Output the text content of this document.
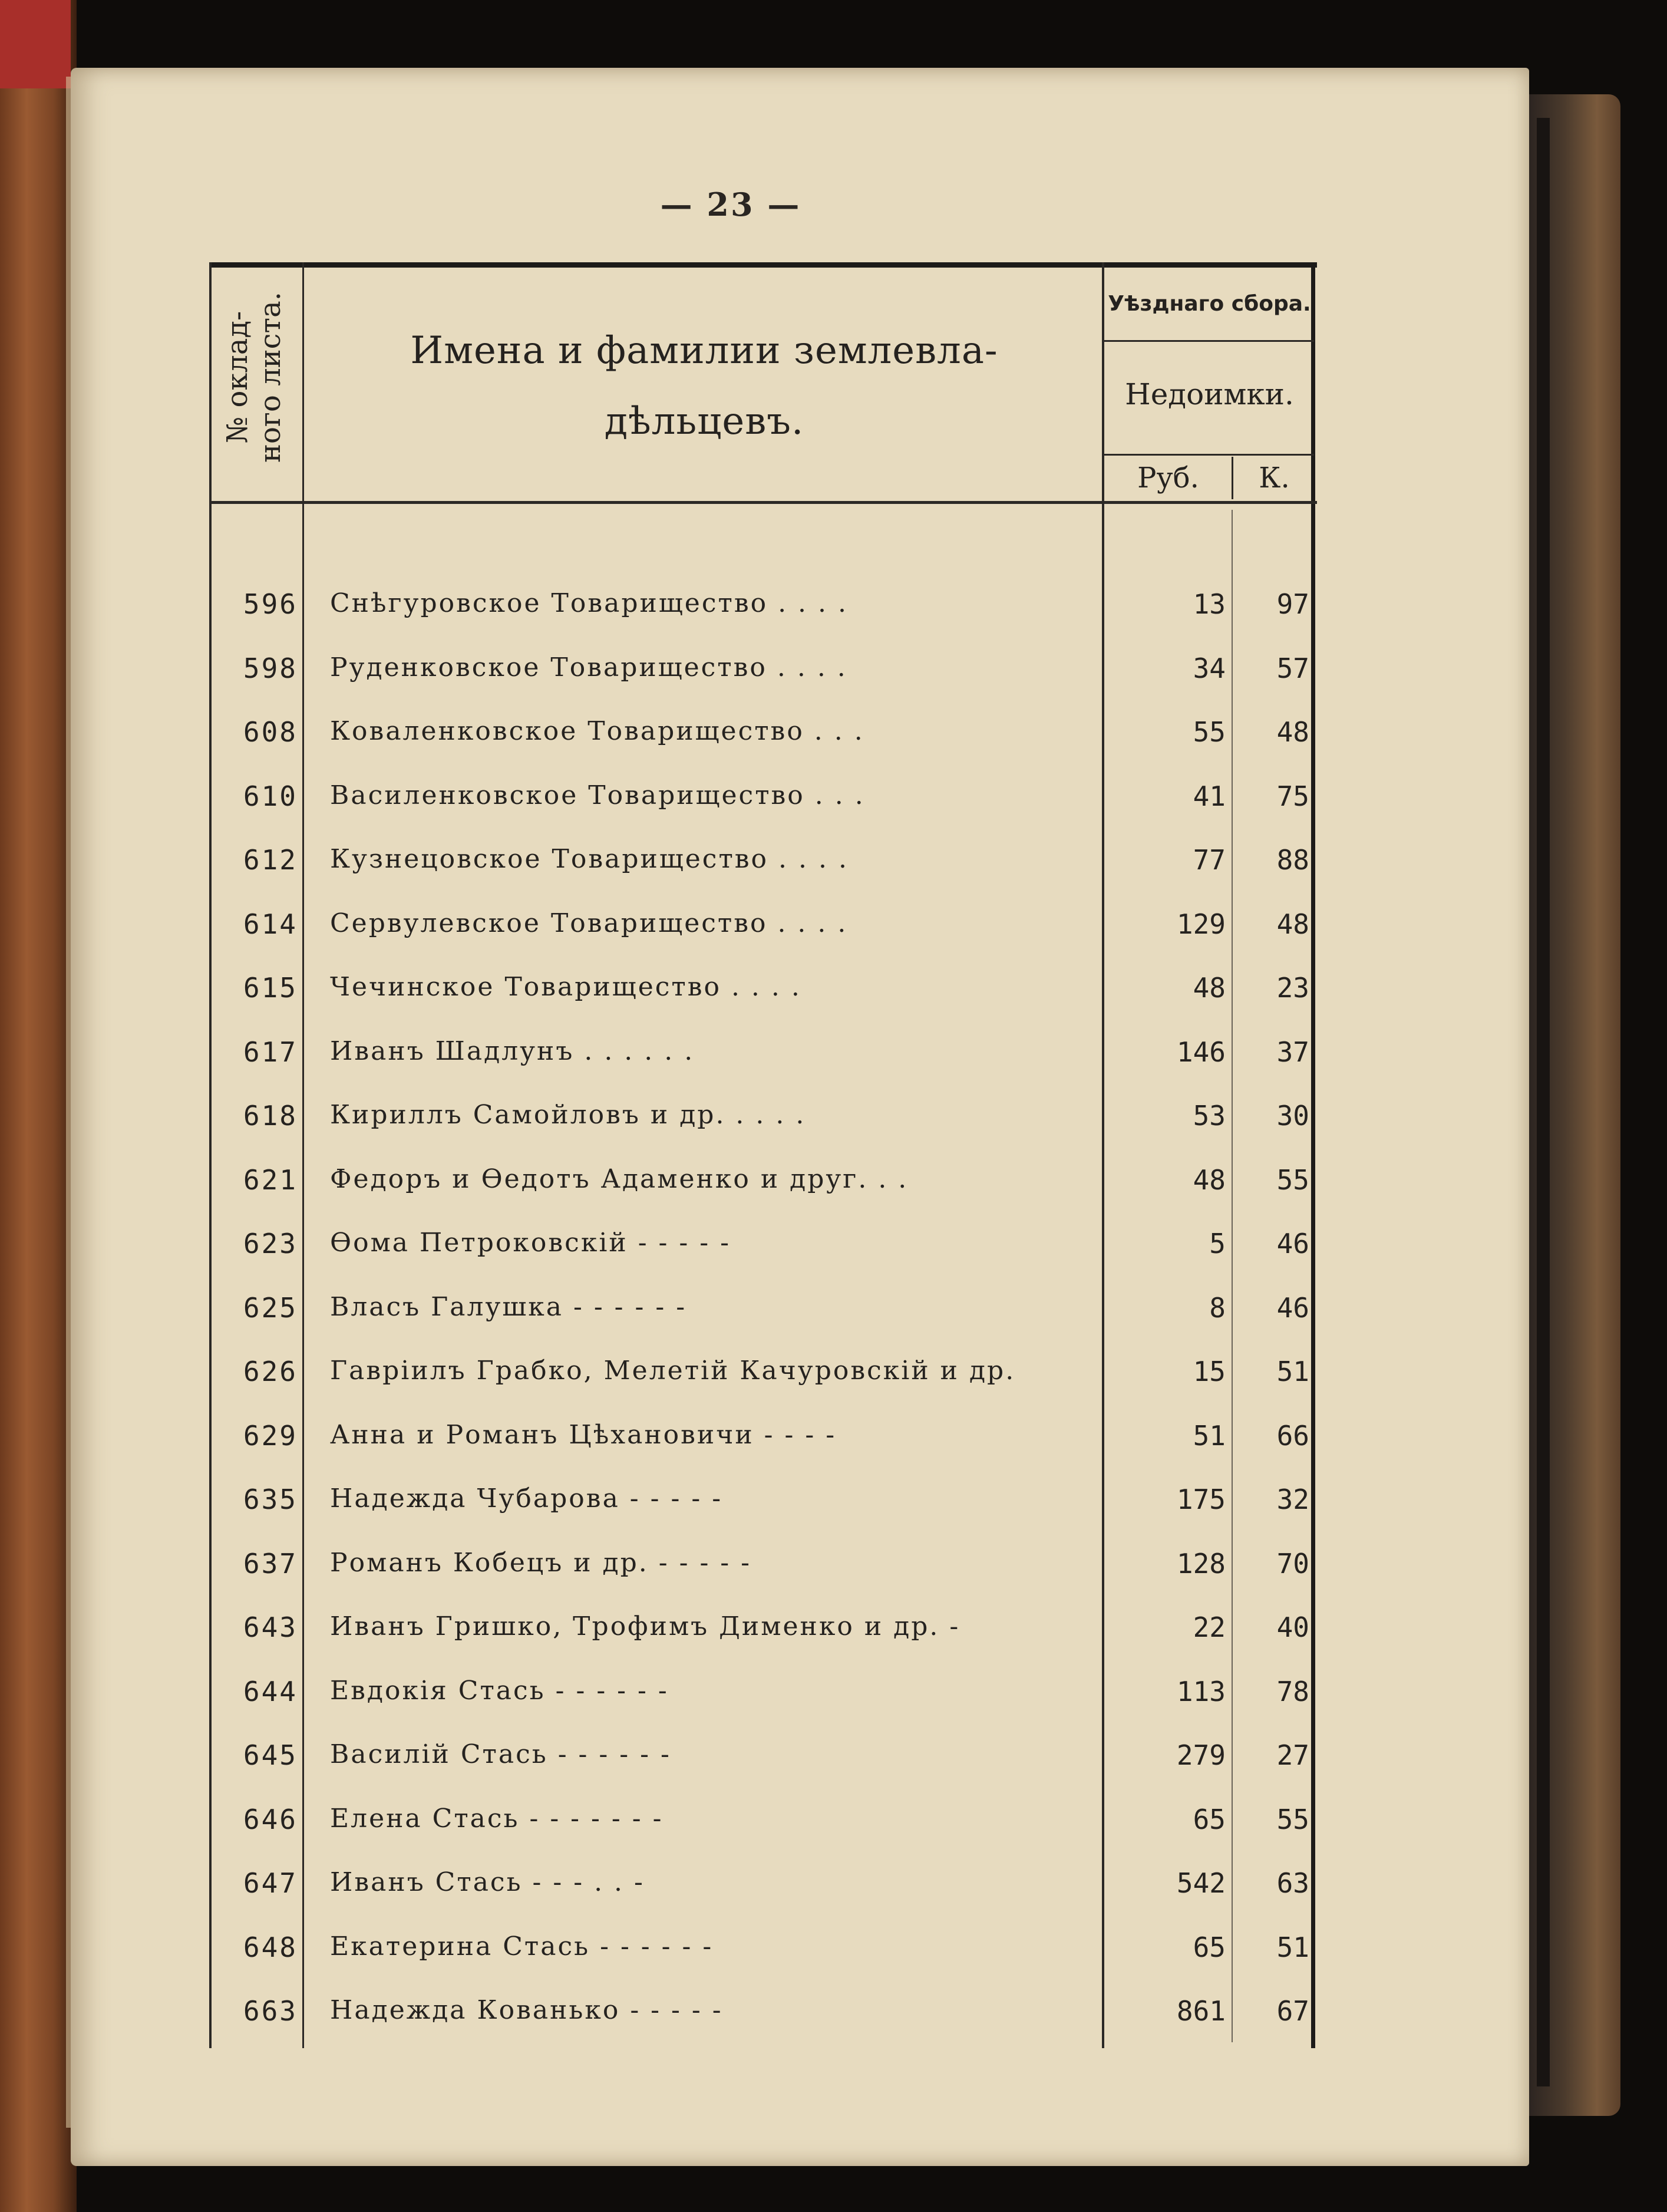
— 23 —
№ оклад-
ного листа.	Имена и фамилии землевла-
дѣльцевъ.
Уѣзднаго сбора.
Недоимки.
Руб.	К.
596 Снѣгуровское Товарищество . . . .	13	97
598 Руденковское Товарищество . . . .	34	57
608 Коваленковское Товарищество . . .	55	48
610 Василенковское Товарищество . . .	41	75
612 Кузнецовское Товарищество . . . .	77	88
614 Сервулевское Товарищество . . . .	129	48
615 Чечинское Товарищество . . . .	48	23
617 Иванъ Шадлунъ . . . . . .	146	37
618 Кириллъ Самойловъ и др. . . . .	53	30
621 Федоръ и Ѳедотъ Адаменко и друг. . .	48	55
623 Ѳома Петроковскій - - - - -	5	46
625 Власъ Галушка - - - - - -	8	46
626 Гавріилъ Грабко, Мелетій Качуровскій и др.	15	51
629 Анна и Романъ Цѣхановичи - - - -	51	66
635 Надежда Чубарова - - - - -	175	32
637 Романъ Кобецъ и др. - - - - -	128	70
643 Иванъ Гришко, Трофимъ Дименко и др. -	22	40
644 Евдокія Стась - - - - - -	113	78
645 Василій Стась - - - - - -	279	27
646 Елена Стась - - - - - - -	65	55
647 Иванъ Стась - - - . . -	542	63
648 Екатерина Стась - - - - - -	65	51
663 Надежда Кованько - - - - -	861	67
